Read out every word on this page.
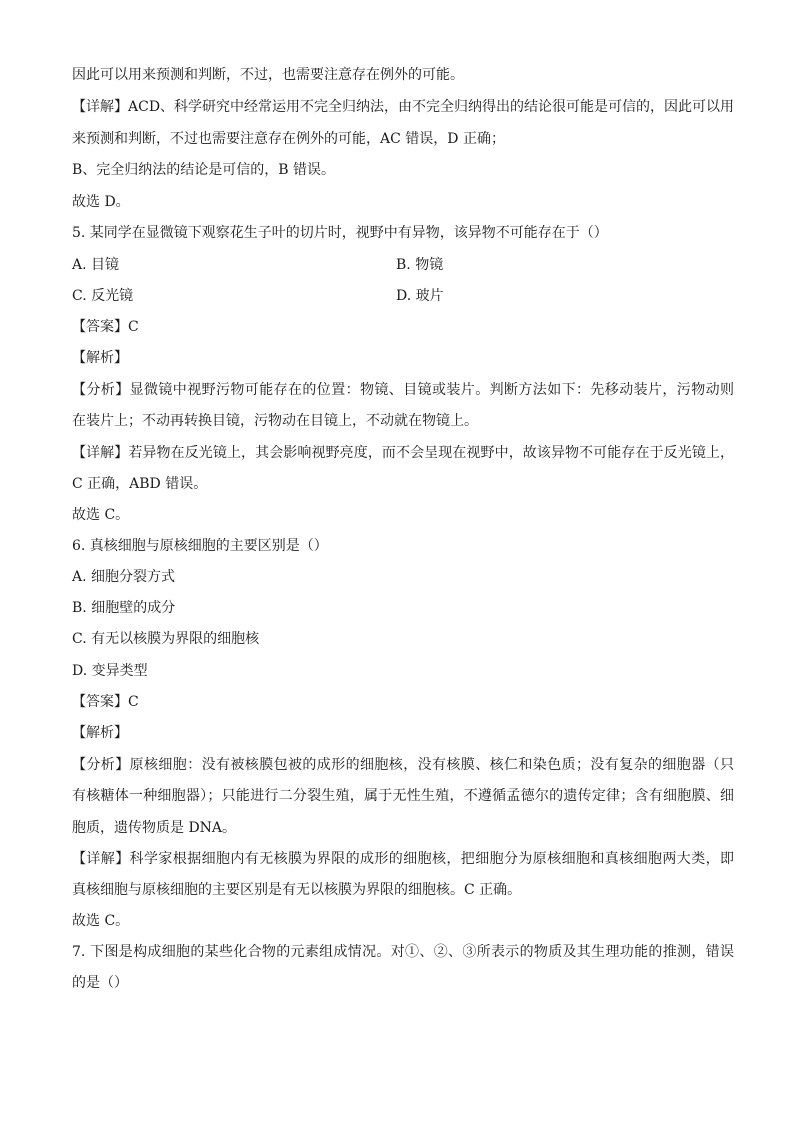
因此可以用来预测和判断，不过，也需要注意存在例外的可能。
【详解】ACD、科学研究中经常运用不完全归纳法，由不完全归纳得出的结论很可能是可信的，因此可以用
来预测和判断，不过也需要注意存在例外的可能，AC 错误，D 正确；
B、完全归纳法的结论是可信的，B 错误。
故选 D。
5. 某同学在显微镜下观察花生子叶的切片时，视野中有异物，该异物不可能存在于（）
A. 目镜	B. 物镜
C. 反光镜	D. 玻片
【答案】C
【解析】
【分析】显微镜中视野污物可能存在的位置：物镜、目镜或装片。判断方法如下：先移动装片，污物动则
在装片上；不动再转换目镜，污物动在目镜上，不动就在物镜上。
【详解】若异物在反光镜上，其会影响视野亮度，而不会呈现在视野中，故该异物不可能存在于反光镜上，
C 正确，ABD 错误。
故选 C。
6. 真核细胞与原核细胞的主要区别是（）
A. 细胞分裂方式
B. 细胞壁的成分
C. 有无以核膜为界限的细胞核
D. 变异类型
【答案】C
【解析】
【分析】原核细胞：没有被核膜包被的成形的细胞核，没有核膜、核仁和染色质；没有复杂的细胞器（只
有核糖体一种细胞器）；只能进行二分裂生殖，属于无性生殖，不遵循孟德尔的遗传定律；含有细胞膜、细
胞质，遗传物质是 DNA。
【详解】科学家根据细胞内有无核膜为界限的成形的细胞核，把细胞分为原核细胞和真核细胞两大类，即
真核细胞与原核细胞的主要区别是有无以核膜为界限的细胞核。C 正确。
故选 C。
7. 下图是构成细胞的某些化合物的元素组成情况。对①、②、③所表示的物质及其生理功能的推测，错误
的是（）
